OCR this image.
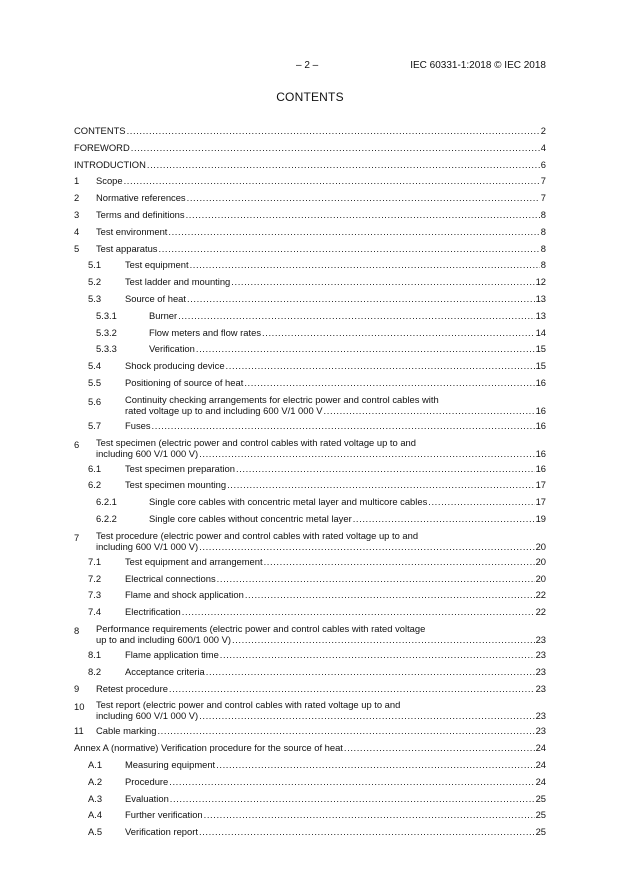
– 2 –	IEC 60331-1:2018 © IEC 2018
CONTENTS
CONTENTS .....	2
FOREWORD .....	4
INTRODUCTION .....	6
1 Scope .....	7
2 Normative references .....	7
3 Terms and definitions .....	8
4 Test environment .....	8
5 Test apparatus .....	8
5.1	Test equipment .....	8
5.2	Test ladder and mounting .....	12
5.3	Source of heat .....	13
5.3.1	Burner .....	13
5.3.2	Flow meters and flow rates .....	14
5.3.3	Verification .....	15
5.4	Shock producing device .....	15
5.5	Positioning of source of heat .....	16
5.6	Continuity checking arrangements for electric power and control cables with
rated voltage up to and including 600 V/1 000 V .....	16
5.7	Fuses .....	16
6 Test specimen (electric power and control cables with rated voltage up to and
including 600 V/1 000 V) .....	16
6.1	Test specimen preparation .....	16
6.2	Test specimen mounting .....	17
6.2.1	Single core cables with concentric metal layer and multicore cables .....	17
6.2.2	Single core cables without concentric metal layer .....	19
7 Test procedure (electric power and control cables with rated voltage up to and
including 600 V/1 000 V) .....	20
7.1	Test equipment and arrangement .....	20
7.2	Electrical connections .....	20
7.3	Flame and shock application .....	22
7.4	Electrification .....	22
8 Performance requirements (electric power and control cables with rated voltage
up to and including 600/1 000 V) .....	23
8.1	Flame application time .....	23
8.2	Acceptance criteria .....	23
9 Retest procedure .....	23
10 Test report (electric power and control cables with rated voltage up to and
including 600 V/1 000 V) .....	23
11 Cable marking .....	23
Annex A (normative) Verification procedure for the source of heat .....	24
A.1 Measuring equipment .....	24
A.2 Procedure .....	24
A.3 Evaluation .....	25
A.4 Further verification .....	25
A.5 Verification report .....	25
